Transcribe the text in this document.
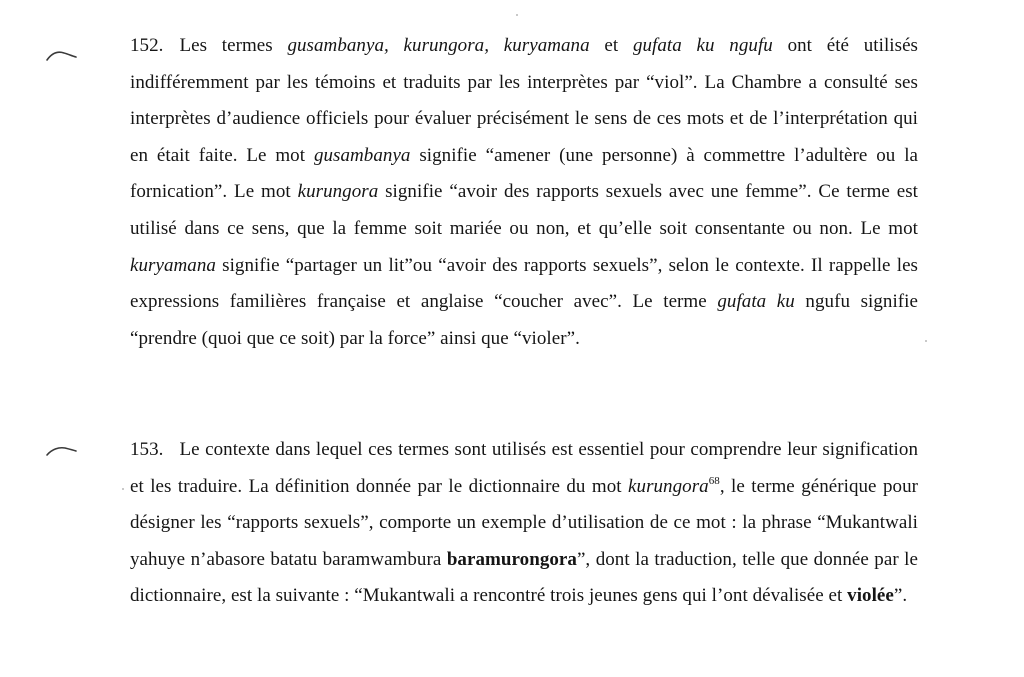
152. Les termes gusambanya, kurungora, kuryamana et gufata ku ngufu ont été utilisés indifféremment par les témoins et traduits par les interprètes par “viol”. La Chambre a consulté ses interprètes d’audience officiels pour évaluer précisément le sens de ces mots et de l’interprétation qui en était faite. Le mot gusambanya signifie “amener (une personne) à commettre l’adultère ou la fornication”. Le mot kurungora signifie “avoir des rapports sexuels avec une femme”. Ce terme est utilisé dans ce sens, que la femme soit mariée ou non, et qu’elle soit consentante ou non. Le mot kuryamana signifie “partager un lit”ou “avoir des rapports sexuels”, selon le contexte. Il rappelle les expressions familières française et anglaise “coucher avec”. Le terme gufata ku ngufu signifie “prendre (quoi que ce soit) par la force” ainsi que “violer”.

153. Le contexte dans lequel ces termes sont utilisés est essentiel pour comprendre leur signification et les traduire. La définition donnée par le dictionnaire du mot kurungora$^{68}$, le terme générique pour désigner les “rapports sexuels”, comporte un exemple d’utilisation de ce mot : la phrase “Mukantwali yahuye n’abasore batatu baramwambura baramurongora”, dont la traduction, telle que donnée par le dictionnaire, est la suivante : “Mukantwali a rencontré trois jeunes gens qui l’ont dévalisée et violée”.
